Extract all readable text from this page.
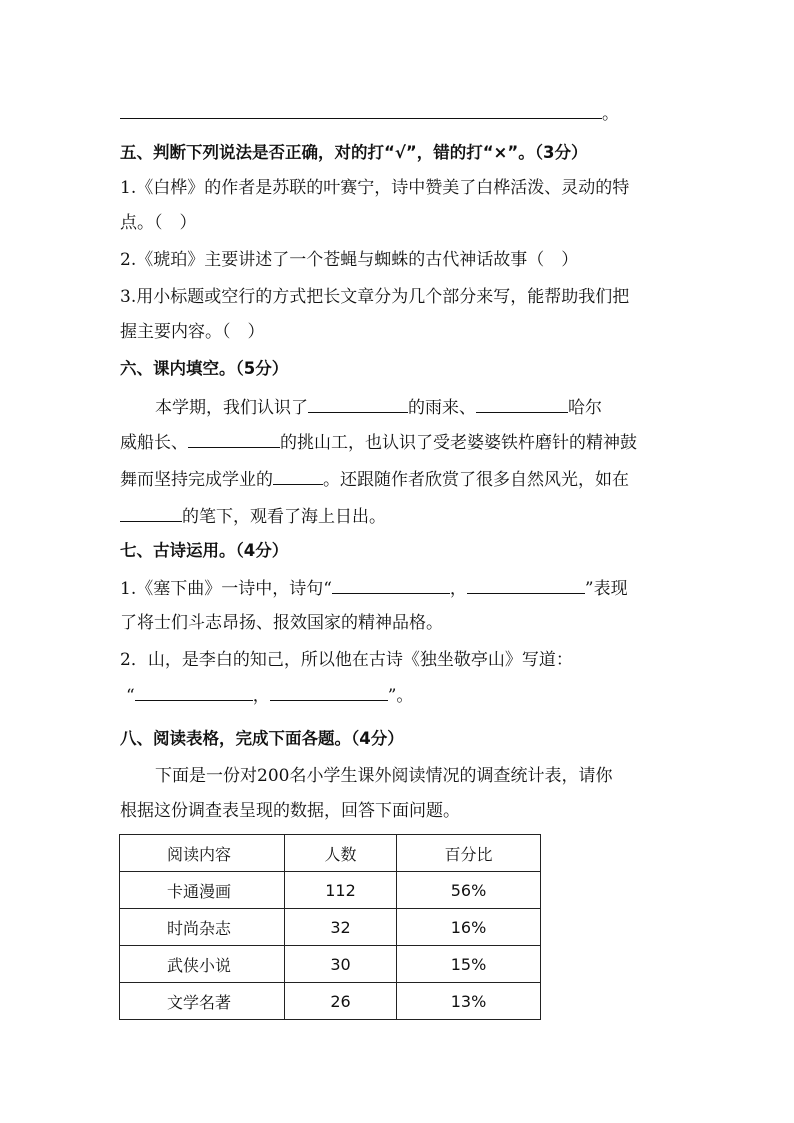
。
五、判断下列说法是否正确，对的打“√”，错的打“×”。（3分）
1.《白桦》的作者是苏联的叶赛宁，诗中赞美了白桦活泼、灵动的特
点。（　）
2.《琥珀》主要讲述了一个苍蝇与蜘蛛的古代神话故事（　）
3.用小标题或空行的方式把长文章分为几个部分来写，能帮助我们把
握主要内容。（　）
六、课内填空。（5分）
本学期，我们认识了	的雨来、	哈尔
威船长、	的挑山工，也认识了受老婆婆铁杵磨针的精神鼓
舞而坚持完成学业的	。还跟随作者欣赏了很多自然风光，如在
的笔下，观看了海上日出。
七、古诗运用。（4分）
1.《塞下曲》一诗中，诗句“	，	”表现
了将士们斗志昂扬、报效国家的精神品格。
2．山，是李白的知己，所以他在古诗《独坐敬亭山》写道：
“	，	”。
八、阅读表格，完成下面各题。（4分）
下面是一份对200名小学生课外阅读情况的调查统计表，请你
根据这份调查表呈现的数据，回答下面问题。
阅读内容	人数	百分比
卡通漫画	112	56%
时尚杂志	32	16%
武侠小说	30	15%
文学名著	26	13%
